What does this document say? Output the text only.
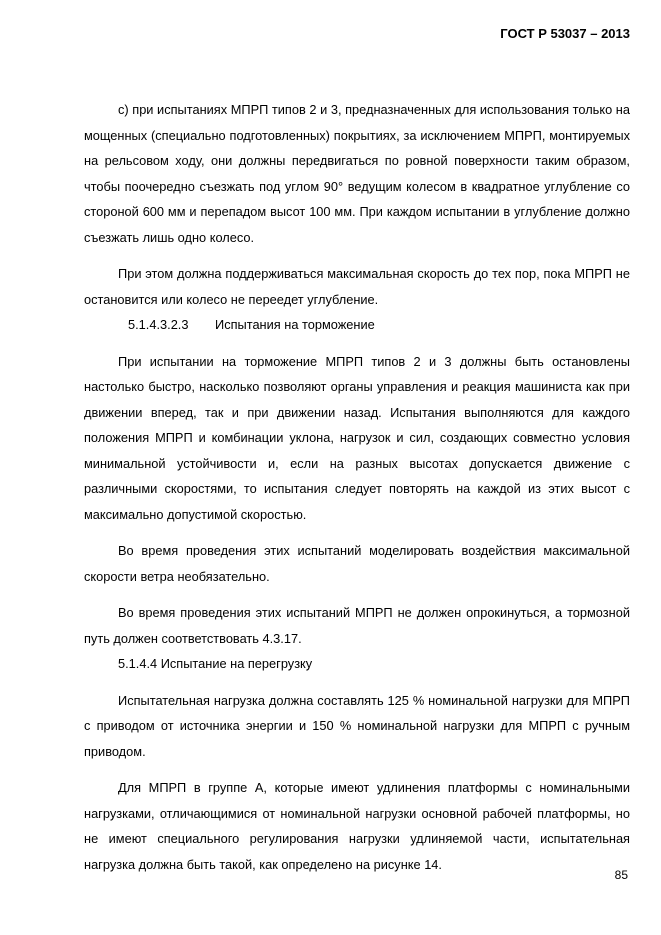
ГОСТ Р 53037 – 2013

с) при испытаниях МПРП типов 2 и 3, предназначенных для использования только на мощенных (специально подготовленных) покрытиях, за исключением МПРП, монтируемых на рельсовом ходу, они должны передвигаться по ровной поверхности таким образом, чтобы поочередно съезжать под углом 90° ведущим колесом в квадратное углубление со стороной 600 мм и перепадом высот 100 мм. При каждом испытании в углубление должно съезжать лишь одно колесо.

При этом должна поддерживаться максимальная скорость до тех пор, пока МПРП не остановится или колесо не переедет углубление.

5.1.4.3.2.3 Испытания на торможение

При испытании на торможение МПРП типов 2 и 3 должны быть остановлены настолько быстро, насколько позволяют органы управления и реакция машиниста как при движении вперед, так и при движении назад. Испытания выполняются для каждого положения МПРП и комбинации уклона, нагрузок и сил, создающих совместно условия минимальной устойчивости и, если на разных высотах допускается движение с различными скоростями, то испытания следует повторять на каждой из этих высот с максимально допустимой скоростью.

Во время проведения этих испытаний моделировать воздействия максимальной скорости ветра необязательно.

Во время проведения этих испытаний МПРП не должен опрокинуться, а тормозной путь должен соответствовать 4.3.17.

5.1.4.4 Испытание на перегрузку

Испытательная нагрузка должна составлять 125 % номинальной нагрузки для МПРП с приводом от источника энергии и 150 % номинальной нагрузки для МПРП с ручным приводом.

Для МПРП в группе А, которые имеют удлинения платформы с номинальными нагрузками, отличающимися от номинальной нагрузки основной рабочей платформы, но не имеют специального регулирования нагрузки удлиняемой части, испытательная нагрузка должна быть такой, как определено на рисунке 14.

85
